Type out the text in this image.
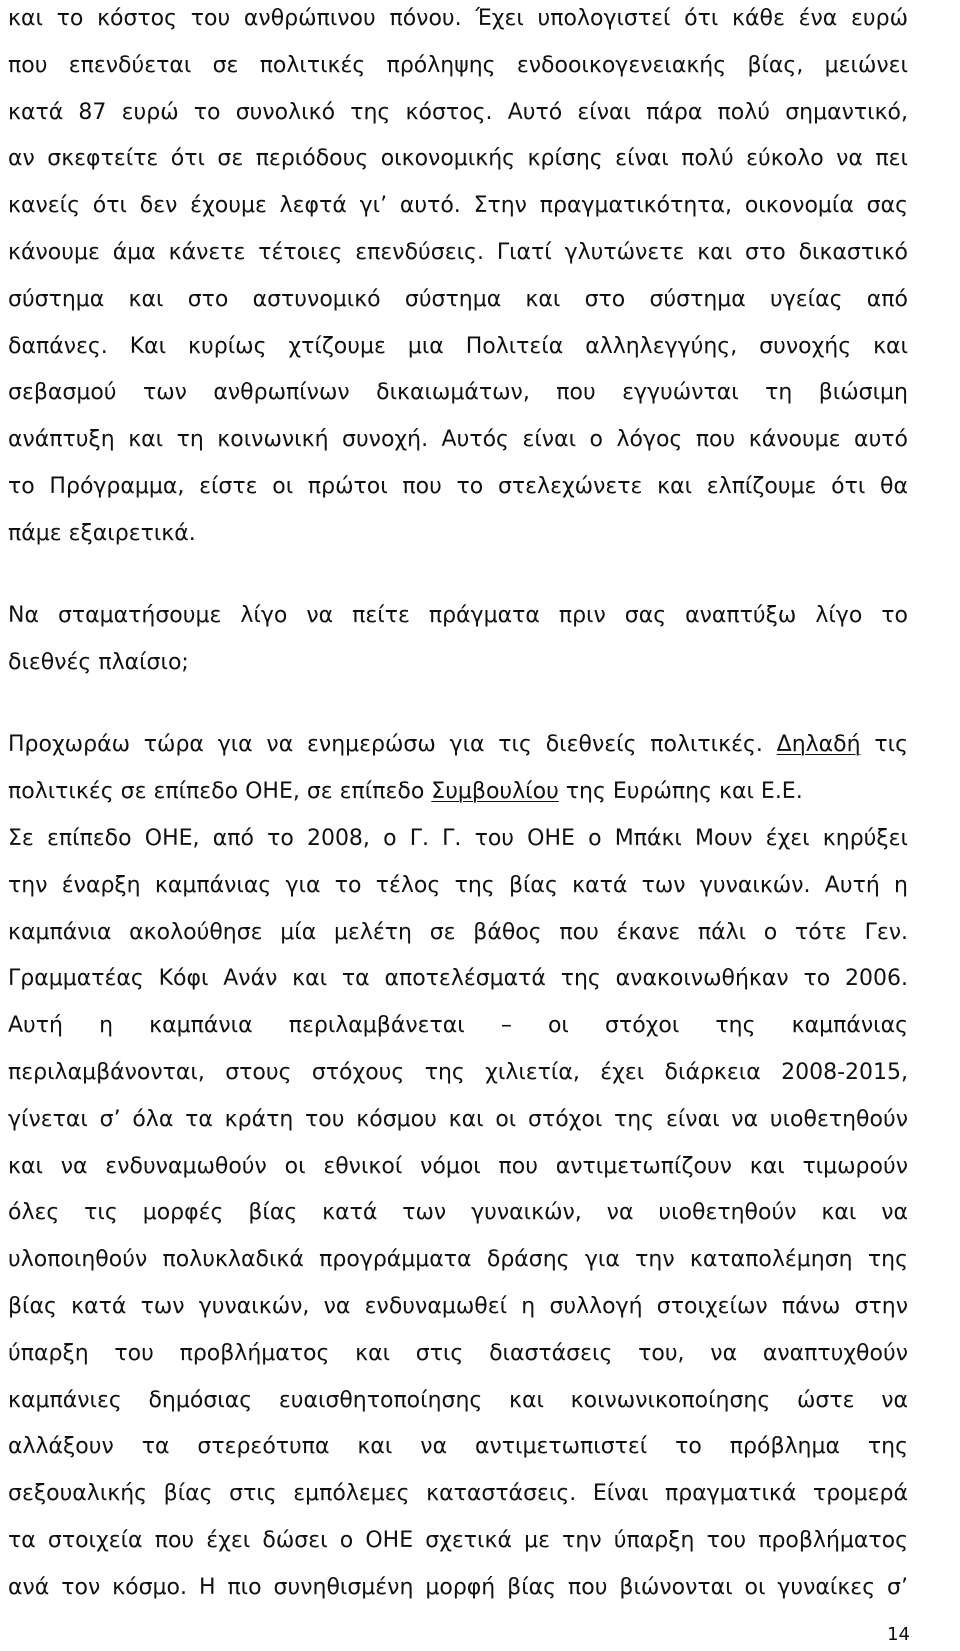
και το κόστος του ανθρώπινου πόνου. Έχει υπολογιστεί ότι κάθε ένα ευρώ
που επενδύεται σε πολιτικές πρόληψης ενδοοικογενειακής βίας, μειώνει
κατά 87 ευρώ το συνολικό της κόστος. Αυτό είναι πάρα πολύ σημαντικό,
αν σκεφτείτε ότι σε περιόδους οικονομικής κρίσης είναι πολύ εύκολο να πει
κανείς ότι δεν έχουμε λεφτά γι’ αυτό. Στην πραγματικότητα, οικονομία σας
κάνουμε άμα κάνετε τέτοιες επενδύσεις. Γιατί γλυτώνετε και στο δικαστικό
σύστημα και στο αστυνομικό σύστημα και στο σύστημα υγείας από
δαπάνες. Και κυρίως χτίζουμε μια Πολιτεία αλληλεγγύης, συνοχής και
σεβασμού των ανθρωπίνων δικαιωμάτων, που εγγυώνται τη βιώσιμη
ανάπτυξη και τη κοινωνική συνοχή. Αυτός είναι ο λόγος που κάνουμε αυτό
το Πρόγραμμα, είστε οι πρώτοι που το στελεχώνετε και ελπίζουμε ότι θα
πάμε εξαιρετικά.
Να σταματήσουμε λίγο να πείτε πράγματα πριν σας αναπτύξω λίγο το
διεθνές πλαίσιο;
Προχωράω τώρα για να ενημερώσω για τις διεθνείς πολιτικές. Δηλαδή τις
πολιτικές σε επίπεδο ΟΗΕ, σε επίπεδο Συμβουλίου της Ευρώπης και Ε.Ε.
Σε επίπεδο ΟΗΕ, από το 2008, ο Γ. Γ. του ΟΗΕ ο Μπάκι Μουν έχει κηρύξει
την έναρξη καμπάνιας για το τέλος της βίας κατά των γυναικών. Αυτή η
καμπάνια ακολούθησε μία μελέτη σε βάθος που έκανε πάλι ο τότε Γεν.
Γραμματέας Κόφι Ανάν και τα αποτελέσματά της ανακοινωθήκαν το 2006.
Αυτή η καμπάνια περιλαμβάνεται – οι στόχοι της καμπάνιας
περιλαμβάνονται, στους στόχους της χιλιετία, έχει διάρκεια 2008-2015,
γίνεται σ’ όλα τα κράτη του κόσμου και οι στόχοι της είναι να υιοθετηθούν
και να ενδυναμωθούν οι εθνικοί νόμοι που αντιμετωπίζουν και τιμωρούν
όλες τις μορφές βίας κατά των γυναικών, να υιοθετηθούν και να
υλοποιηθούν πολυκλαδικά προγράμματα δράσης για την καταπολέμηση της
βίας κατά των γυναικών, να ενδυναμωθεί η συλλογή στοιχείων πάνω στην
ύπαρξη του προβλήματος και στις διαστάσεις του, να αναπτυχθούν
καμπάνιες δημόσιας ευαισθητοποίησης και κοινωνικοποίησης ώστε να
αλλάξουν τα στερεότυπα και να αντιμετωπιστεί το πρόβλημα της
σεξουαλικής βίας στις εμπόλεμες καταστάσεις. Είναι πραγματικά τρομερά
τα στοιχεία που έχει δώσει ο ΟΗΕ σχετικά με την ύπαρξη του προβλήματος
ανά τον κόσμο. Η πιο συνηθισμένη μορφή βίας που βιώνονται οι γυναίκες σ’
14
